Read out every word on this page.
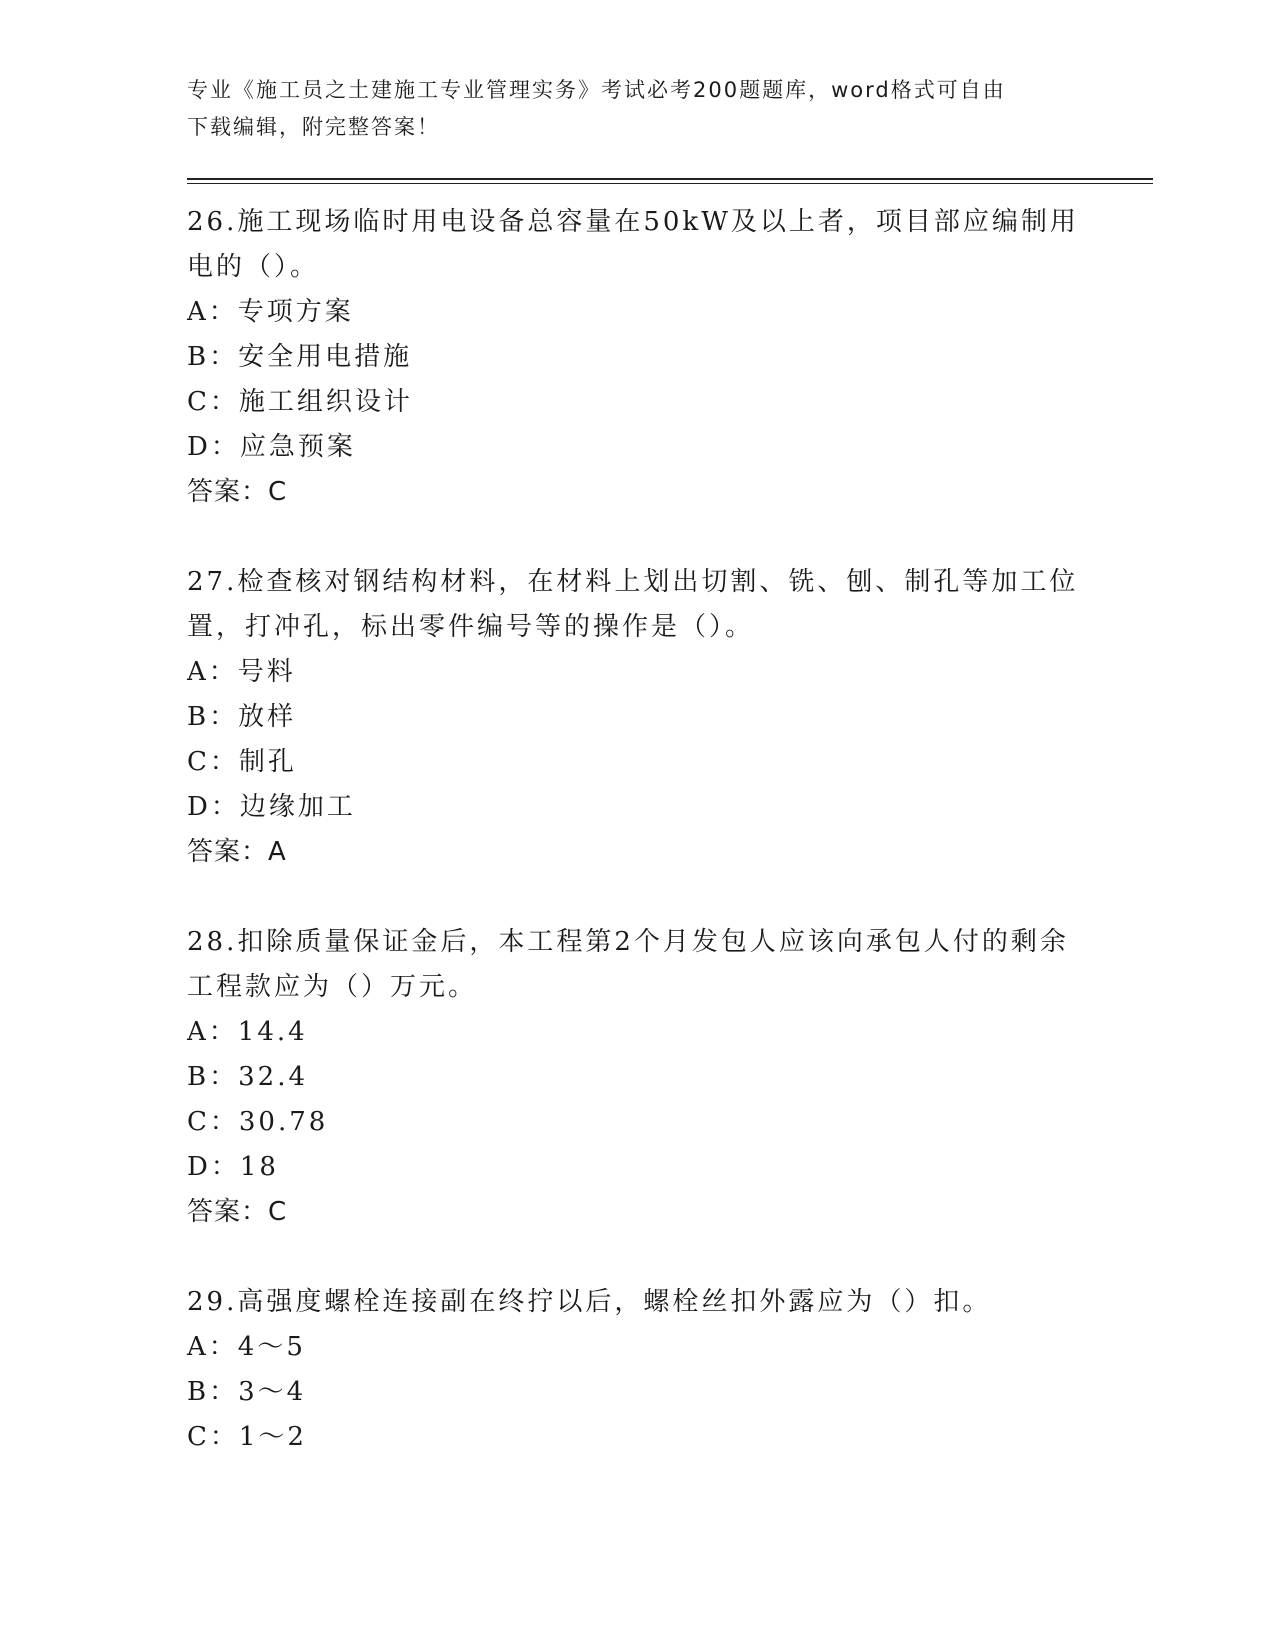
专业《施工员之土建施工专业管理实务》考试必考200题题库，word格式可自由
下载编辑，附完整答案！

26.施工现场临时用电设备总容量在50kW及以上者，项目部应编制用

电的（）。

A：专项方案

B：安全用电措施

C：施工组织设计

D：应急预案

答案：C

27.检查核对钢结构材料，在材料上划出切割、铣、刨、制孔等加工位

置，打冲孔，标出零件编号等的操作是（）。

A：号料

B：放样

C：制孔

D：边缘加工

答案：A

28.扣除质量保证金后，本工程第2个月发包人应该向承包人付的剩余

工程款应为（）万元。

A：14.4

B：32.4

C：30.78

D：18

答案：C

29.高强度螺栓连接副在终拧以后，螺栓丝扣外露应为（）扣。

A：4～5

B：3～4

C：1～2
